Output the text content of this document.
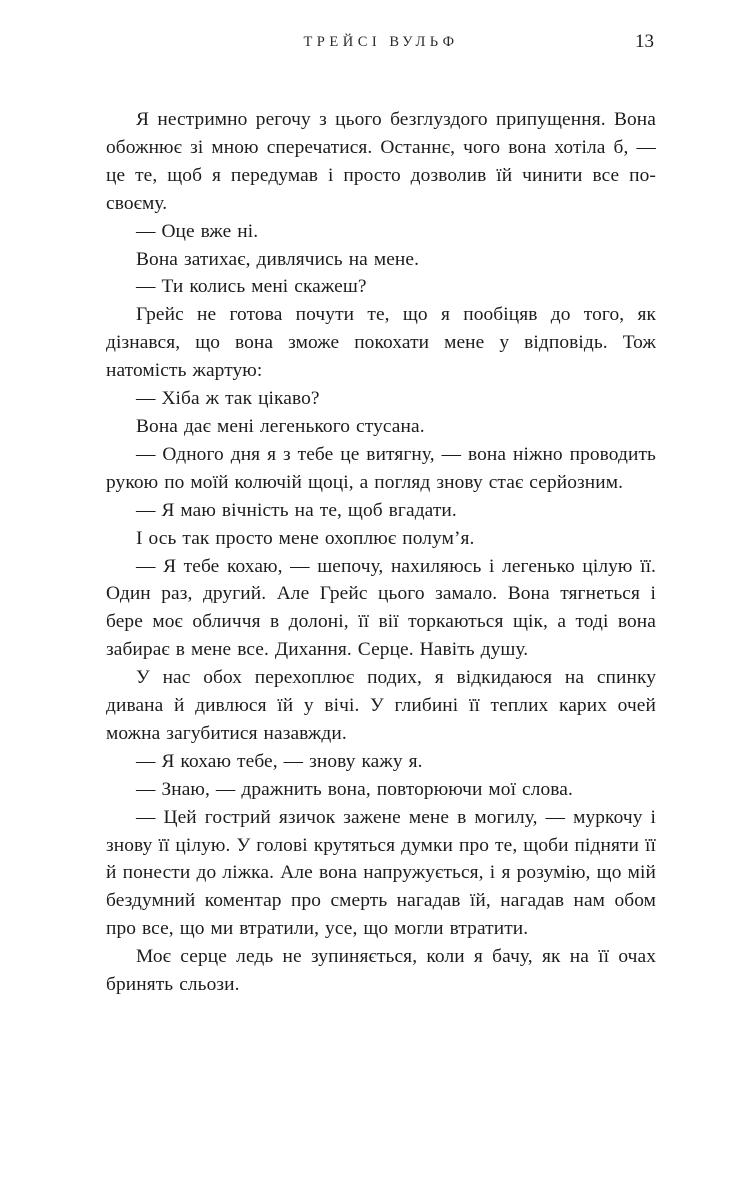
ТРЕЙСІ ВУЛЬФ	13

Я нестримно регочу з цього безглуздого припущення. Вона обожнює зі мною сперечатися. Останнє, чого вона хотіла б, — це те, щоб я передумав і просто дозволив їй чинити все по-своєму.

— Оце вже ні.

Вона затихає, дивлячись на мене.

— Ти колись мені скажеш?

Грейс не готова почути те, що я пообіцяв до того, як дізнався, що вона зможе покохати мене у відповідь. Тож натомість жартую:

— Хіба ж так цікаво?

Вона дає мені легенького стусана.

— Одного дня я з тебе це витягну, — вона ніжно проводить рукою по моїй колючій щоці, а погляд знову стає серйозним.

— Я маю вічність на те, щоб вгадати.

І ось так просто мене охоплює полум’я.

— Я тебе кохаю, — шепочу, нахиляюсь і легенько цілую її. Один раз, другий. Але Грейс цього замало. Вона тягнеться і бере моє обличчя в долоні, її вії торкаються щік, а тоді вона забирає в мене все. Дихання. Серце. Навіть душу.

У нас обох перехоплює подих, я відкидаюся на спинку дивана й дивлюся їй у вічі. У глибині її теплих карих очей можна загубитися назавжди.

— Я кохаю тебе, — знову кажу я.

— Знаю, — дражнить вона, повторюючи мої слова.

— Цей гострий язичок зажене мене в могилу, — муркочу і знову її цілую. У голові крутяться думки про те, щоби підняти її й понести до ліжка. Але вона напружується, і я розумію, що мій бездумний коментар про смерть нагадав їй, нагадав нам обом про все, що ми втратили, усе, що могли втратити.

Моє серце ледь не зупиняється, коли я бачу, як на її очах бринять сльози.
